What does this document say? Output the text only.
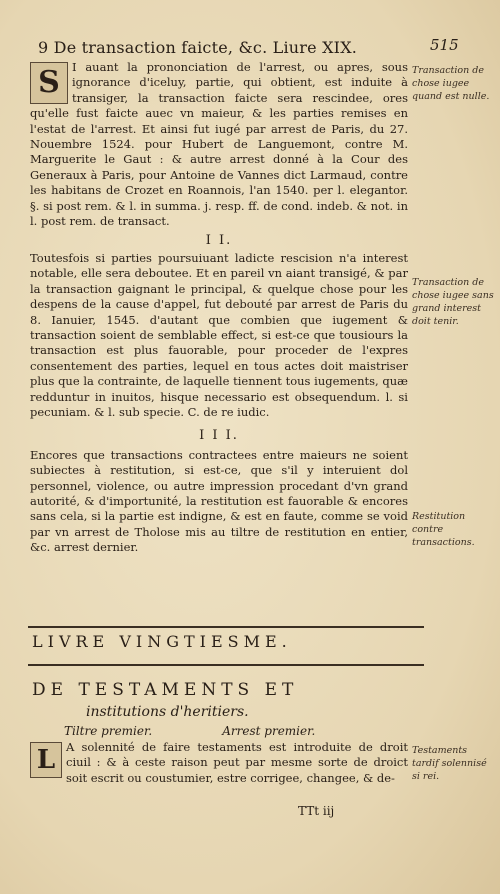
9 De transaction faicte, &c. Liure XIX.	515

S	I auant la prononciation de l'arrest, ou apres, sous ignorance d'iceluy, partie, qui obtient, est induite à transiger, la transaction faicte sera rescindee, ores qu'elle fust faicte auec vn maieur, & les parties remises en l'estat de l'arrest. Et ainsi fut iugé par arrest de Paris, du 27. Nouembre 1524. pour Hubert de Languemont, contre M. Marguerite le Gaut : & autre arrest donné à la Cour des Generaux à Paris, pour Antoine de Vannes dict Larmaud, contre les habitans de Crozet en Roannois, l'an 1540. per l. elegantor. §. si post rem. & l. in summa. j. resp. ff. de cond. indeb. & not. in l. post rem. de transact.

I I.

Toutesfois si parties poursuiuant ladicte rescision n'a interest notable, elle sera deboutee. Et en pareil vn aiant transigé, & par la transaction gaignant le principal, & quelque chose pour les despens de la cause d'appel, fut debouté par arrest de Paris du 8. Ianuier, 1545. d'autant que combien que iugement & transaction soient de semblable effect, si est-ce que tousiours la transaction est plus fauorable, pour proceder de l'expres consentement des parties, lequel en tous actes doit maistriser plus que la contrainte, de laquelle tiennent tous iugements, quæ redduntur in inuitos, hisque necessario est obsequendum. l. si pecuniam. & l. sub specie. C. de re iudic.

I I I.

Encores que transactions contractees entre maieurs ne soient subiectes à restitution, si est-ce, que s'il y interuient dol personnel, violence, ou autre impression procedant d'vn grand autorité, & d'importunité, la restitution est fauorable & encores sans cela, si la partie est indigne, & est en faute, comme se void par vn arrest de Tholose mis au tiltre de restitution en entier, &c. arrest dernier.

Transaction de chose iugee quand est nulle.
Transaction de chose iugee sans grand interest doit tenir.
Restitution contre transactions.
LIVRE VINGTIESME.
DE TESTAMENTS ET
institutions d'heritiers.
Tiltre premier.	Arrest premier.

L A solennité de faire testaments est introduite de droit ciuil : & à ceste raison peut par mesme sorte de droict soit escrit ou coustumier, estre corrigee, changee, & de-

Testaments tardif solennisé si rei.
TTt iij
